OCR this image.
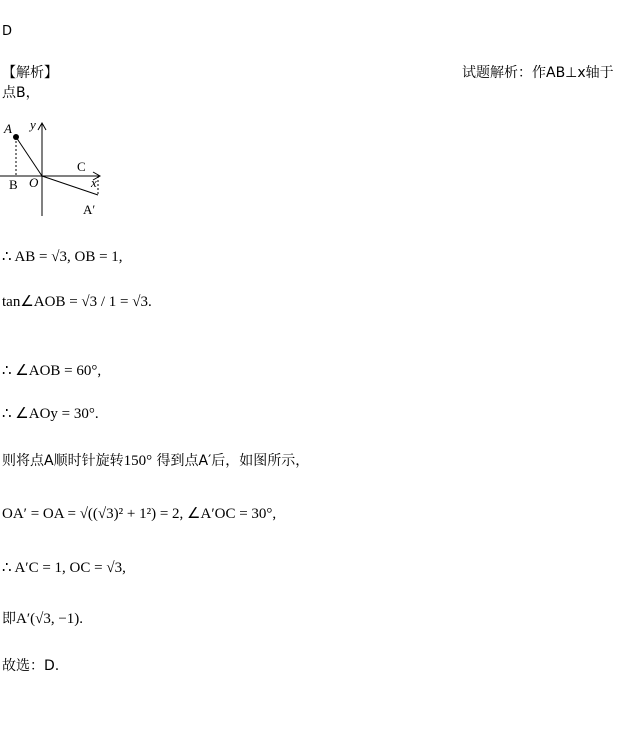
D
【解析】	试题解析：作AB⊥x轴于
点B，
A y
C
x
B O
A′
∴ AB = √3, OB = 1,
tan∠AOB = √3 / 1 = √3.
∴ ∠AOB = 60°,
∴ ∠AOy = 30°.
则将点A顺时针旋转150° 得到点A′后，如图所示，
OA′ = OA = √((√3)² + 1²) = 2, ∠A′OC = 30°,
∴ A′C = 1, OC = √3,
即A′(√3, −1).
故选：D.
